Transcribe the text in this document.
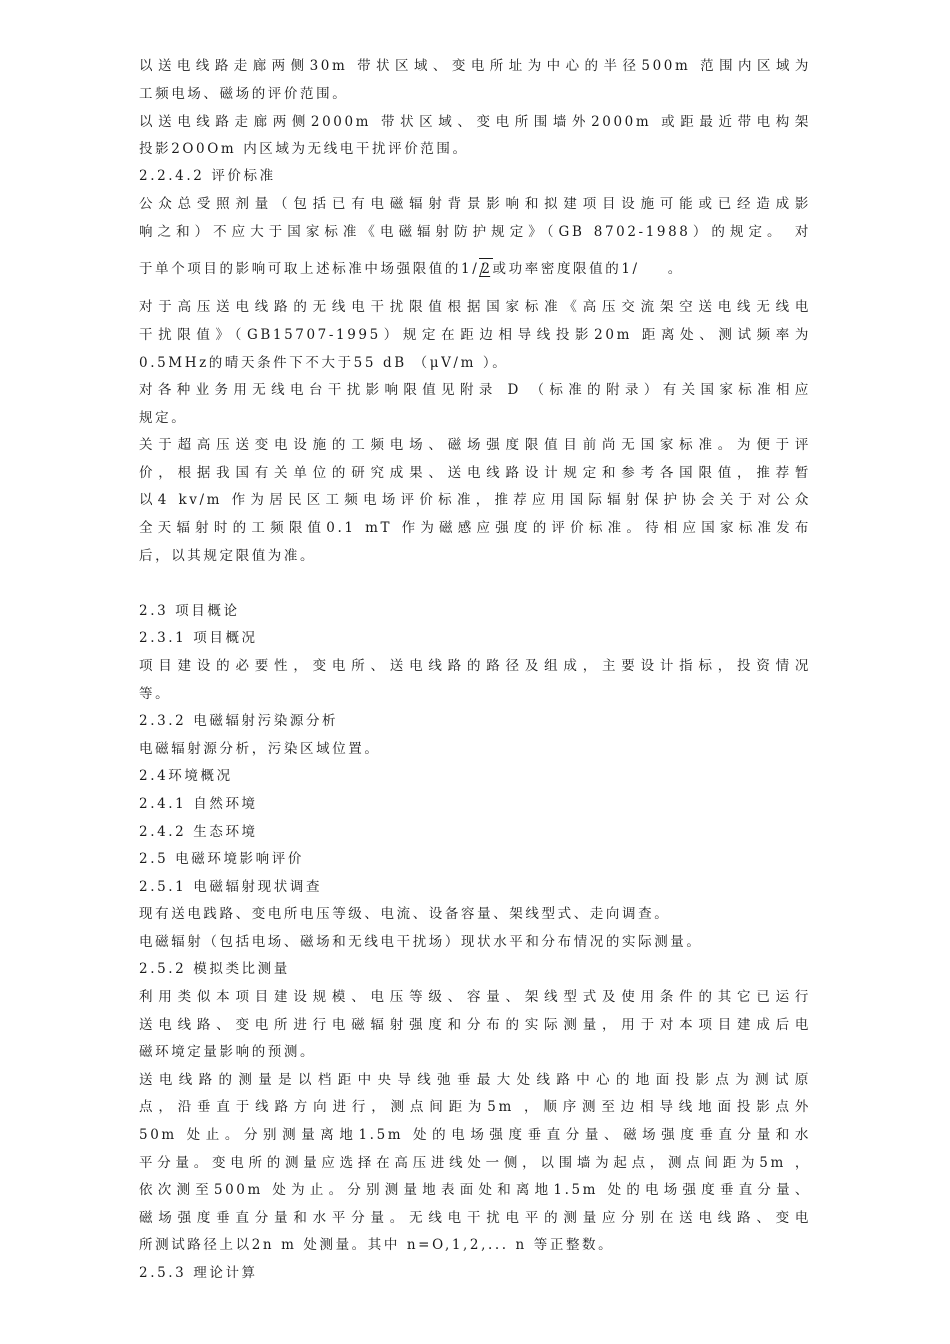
以送电线路走廊两侧30m 带状区域、变电所址为中心的半径500m 范围内区域为
工频电场、磁场的评价范围。
以送电线路走廊两侧2000m 带状区域、变电所围墙外2000m 或距最近带电构架
投影2O0Om 内区域为无线电干扰评价范围。
2.2.4.2 评价标准
公众总受照剂量（包括已有电磁辐射背景影响和拟建项目设施可能或已经造成影
响之和）不应大于国家标准《电磁辐射防护规定》（GB 8702-1988）的规定。 对
于单个项目的影响可取上述标准中场强限值的1/ 2或功率密度限值的1/ 。
对于高压送电线路的无线电干扰限值根据国家标准《高压交流架空送电线无线电
干扰限值》（GB15707-1995）规定在距边相导线投影20m 距离处、测试频率为
0.5MHz的晴天条件下不大于55 dB （μV/m ）。
对各种业务用无线电台干扰影响限值见附录 D （标准的附录）有关国家标准相应
规定。
关于超高压送变电设施的工频电场、磁场强度限值目前尚无国家标准。为便于评
价，根据我国有关单位的研究成果、送电线路设计规定和参考各国限值，推荐暂
以4 kv/m 作为居民区工频电场评价标准，推荐应用国际辐射保护协会关于对公众
全天辐射时的工频限值0.1 mT 作为磁感应强度的评价标准。待相应国家标准发布
后，以其规定限值为准。
2.3 项目概论
2.3.1 项目概况
项目建设的必要性，变电所、送电线路的路径及组成，主要设计指标，投资情况
等。
2.3.2 电磁辐射污染源分析
电磁辐射源分析，污染区域位置。
2.4环境概况
2.4.1 自然环境
2.4.2 生态环境
2.5 电磁环境影响评价
2.5.1 电磁辐射现状调查
现有送电践路、变电所电压等级、电流、设备容量、架线型式、走向调查。
电磁辐射（包括电场、磁场和无线电干扰场）现状水平和分布情况的实际测量。
2.5.2 模拟类比测量
利用类似本项目建设规模、电压等级、容量、架线型式及使用条件的其它已运行
送电线路、变电所进行电磁辐射强度和分布的实际测量，用于对本项目建成后电
磁环境定量影响的预测。
送电线路的测量是以档距中央导线弛垂最大处线路中心的地面投影点为测试原
点，沿垂直于线路方向进行，测点间距为5m ，顺序测至边相导线地面投影点外
50m 处止。分别测量离地1.5m 处的电场强度垂直分量、磁场强度垂直分量和水
平分量。变电所的测量应选择在高压进线处一侧，以围墙为起点，测点间距为5m ，
依次测至500m 处为止。分别测量地表面处和离地1.5m 处的电场强度垂直分量、
磁场强度垂直分量和水平分量。无线电干扰电平的测量应分别在送电线路、变电
所测试路径上以2n m 处测量。其中 n=O,1,2,... n 等正整数。
2.5.3 理论计算
